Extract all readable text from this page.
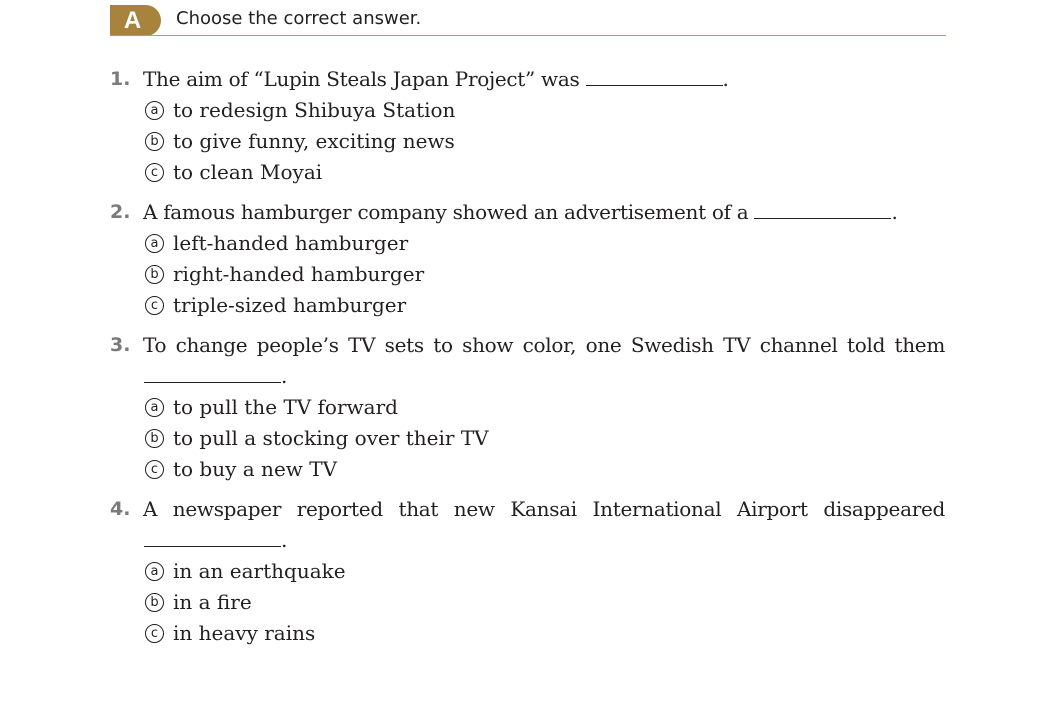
A	Choose the correct answer.
1. The aim of “Lupin Steals Japan Project” was	.
a to redesign Shibuya Station
b to give funny, exciting news
c to clean Moyai
2. A famous hamburger company showed an advertisement of a	.
a left-handed hamburger
b right-handed hamburger
c triple-sized hamburger
3. To change people’s TV sets to show color, one Swedish TV channel told them
.
a to pull the TV forward
b to pull a stocking over their TV
c to buy a new TV
4. A newspaper reported that new Kansai International Airport disappeared
.
a in an earthquake
b in a fire
c in heavy rains
